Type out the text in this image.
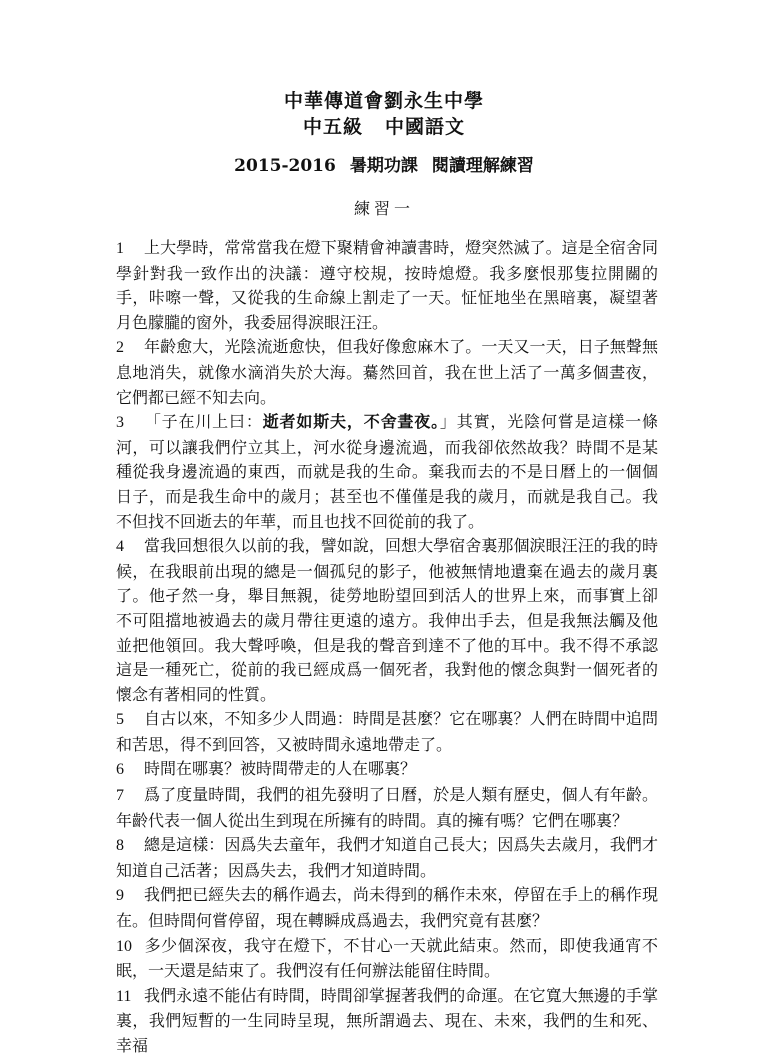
中華傳道會劉永生中學
中五級 中國語文
2015-2016 暑期功課 閱讀理解練習
練習一

1 上大學時，常常當我在燈下聚精會神讀書時，燈突然滅了。這是全宿舍同學針對我一致作出的決議：遵守校規，按時熄燈。我多麼恨那隻拉開關的手，咔嚓一聲，又從我的生命線上割走了一天。怔怔地坐在黑暗裏，凝望著月色朦朧的窗外，我委屈得淚眼汪汪。

2 年齡愈大，光陰流逝愈快，但我好像愈麻木了。一天又一天，日子無聲無息地消失，就像水滴消失於大海。驀然回首，我在世上活了一萬多個晝夜，它們都已經不知去向。

3 「子在川上曰：逝者如斯夫，不舍晝夜。」其實，光陰何嘗是這樣一條河，可以讓我們佇立其上，河水從身邊流過，而我卻依然故我？時間不是某種從我身邊流過的東西，而就是我的生命。棄我而去的不是日曆上的一個個日子，而是我生命中的歲月；甚至也不僅僅是我的歲月，而就是我自己。我不但找不回逝去的年華，而且也找不回從前的我了。

4 當我回想很久以前的我，譬如說，回想大學宿舍裏那個淚眼汪汪的我的時候，在我眼前出現的總是一個孤兒的影子，他被無情地遺棄在過去的歲月裏了。他孑然一身，舉目無親，徒勞地盼望回到活人的世界上來，而事實上卻不可阻擋地被過去的歲月帶往更遠的遠方。我伸出手去，但是我無法觸及他並把他領回。我大聲呼喚，但是我的聲音到達不了他的耳中。我不得不承認這是一種死亡，從前的我已經成爲一個死者，我對他的懷念與對一個死者的懷念有著相同的性質。

5 自古以來，不知多少人問過：時間是甚麼？它在哪裏？人們在時間中追問和苦思，得不到回答，又被時間永遠地帶走了。

6 時間在哪裏？被時間帶走的人在哪裏？

7 爲了度量時間，我們的祖先發明了日曆，於是人類有歷史，個人有年齡。年齡代表一個人從出生到現在所擁有的時間。真的擁有嗎？它們在哪裏？

8 總是這樣：因爲失去童年，我們才知道自己長大；因爲失去歲月，我們才知道自己活著；因爲失去，我們才知道時間。

9 我們把已經失去的稱作過去，尚未得到的稱作未來，停留在手上的稱作現在。但時間何嘗停留，現在轉瞬成爲過去，我們究竟有甚麼？

10 多少個深夜，我守在燈下，不甘心一天就此結束。然而，即使我通宵不眠，一天還是結束了。我們沒有任何辦法能留住時間。

11 我們永遠不能佔有時間，時間卻掌握著我們的命運。在它寬大無邊的手掌裏，我們短暫的一生同時呈現，無所謂過去、現在、未來，我們的生和死、幸福
